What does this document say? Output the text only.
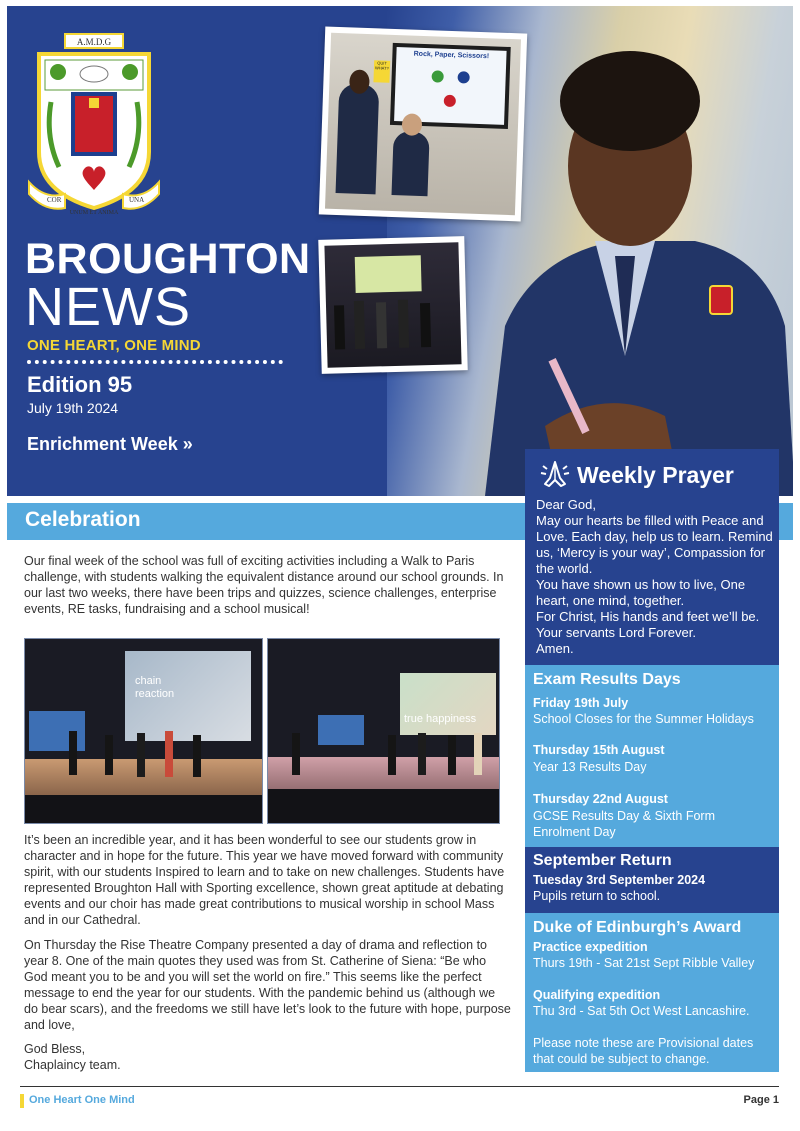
A.M.D.G
COR	UNA
UNUM ET ANIMA
Rock, Paper, Scissors!
QUIT WHAT?
BROUGHTON
NEWS
ONE HEART, ONE MIND
Edition 95
July 19th 2024
Enrichment Week »
Celebration

Our final week of the school was full of exciting activities including a Walk to Paris challenge, with students walking the equivalent distance around our school grounds. In our last two weeks, there have been trips and quizzes, science challenges, enterprise events, RE tasks, fundraising and a school musical!

chain reaction
true happiness

It’s been an incredible year, and it has been wonderful to see our students grow in character and in hope for the future. This year we have moved forward with community spirit, with our students Inspired to learn and to take on new challenges. Students have represented Broughton Hall with Sporting excellence, shown great aptitude at debating events and our choir has made great contributions to musical worship in school Mass and in our Cathedral.

On Thursday the Rise Theatre Company presented a day of drama and reflection to year 8. One of the main quotes they used was from St. Catherine of Siena: “Be who God meant you to be and you will set the world on fire.” This seems like the perfect message to end the year for our students. With the pandemic behind us (although we do bear scars), and the freedoms we still have let’s look to the future with hope, purpose and love,

God Bless,

Chaplaincy team.

Weekly Prayer

Dear God,
May our hearts be filled with Peace and Love. Each day, help us to learn. Remind us, ‘Mercy is your way’, Compassion for the world.
You have shown us how to live, One heart, one mind, together.
For Christ, His hands and feet we’ll be. Your servants Lord Forever.
Amen.

Exam Results Days
Friday 19th July
School Closes for the Summer Holidays
Thursday 15th August
Year 13 Results Day
Thursday 22nd August
GCSE Results Day & Sixth Form Enrolment Day
September Return
Tuesday 3rd September 2024
Pupils return to school.
Duke of Edinburgh’s Award
Practice expedition
Thurs 19th - Sat 21st Sept Ribble Valley
Qualifying expedition
Thu 3rd - Sat 5th Oct West Lancashire.
Please note these are Provisional dates that could be subject to change.
One Heart One Mind	Page 1
